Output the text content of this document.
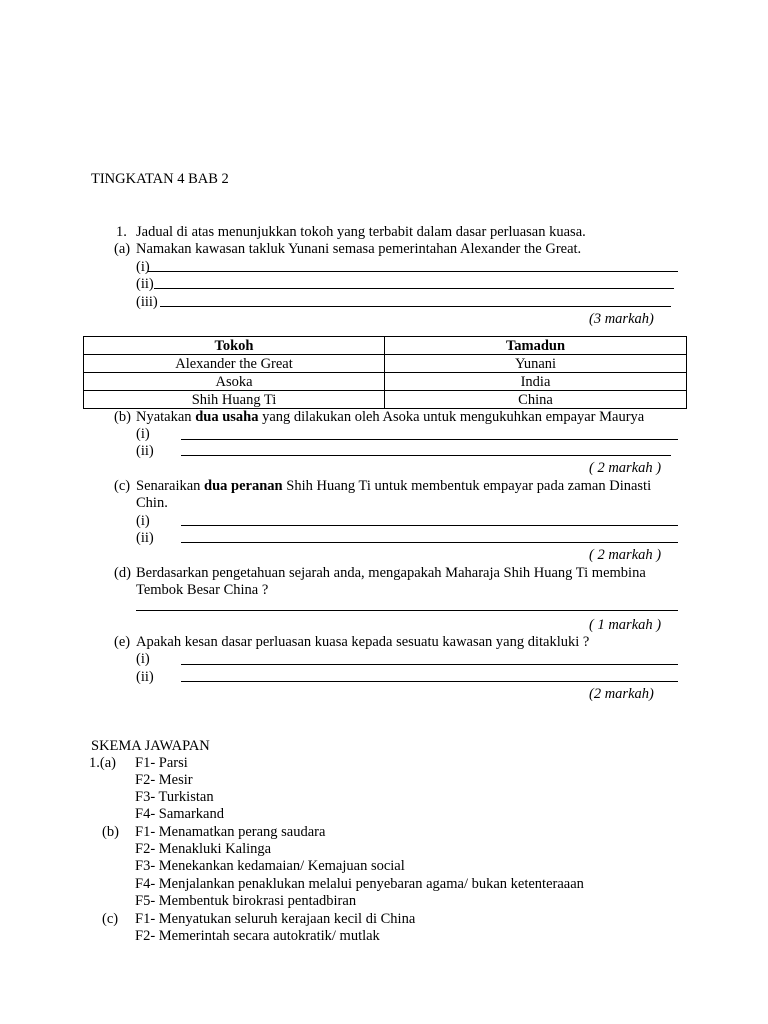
TINGKATAN 4 BAB 2
1. Jadual di atas menunjukkan tokoh yang terbabit dalam dasar perluasan kuasa.
(a) Namakan kawasan takluk Yunani semasa pemerintahan Alexander the Great.
(i)
(ii)
(iii)
(3 markah)
Tokoh	Tamadun
Alexander the Great	Yunani
Asoka	India
Shih Huang Ti	China
(b) Nyatakan dua usaha yang dilakukan oleh Asoka untuk mengukuhkan empayar Maurya
(i)
(ii)
( 2 markah )
(c) Senaraikan dua peranan Shih Huang Ti untuk membentuk empayar pada zaman Dinasti
Chin.
(i)
(ii)
( 2 markah )
(d) Berdasarkan pengetahuan sejarah anda, mengapakah Maharaja Shih Huang Ti membina
Tembok Besar China ?
( 1 markah )
(e) Apakah kesan dasar perluasan kuasa kepada sesuatu kawasan yang ditakluki ?
(i)
(ii)
(2 markah)
SKEMA JAWAPAN
1.(a) F1- Parsi
F2- Mesir
F3- Turkistan
F4- Samarkand
(b) F1- Menamatkan perang saudara
F2- Menakluki Kalinga
F3- Menekankan kedamaian/ Kemajuan social
F4- Menjalankan penaklukan melalui penyebaran agama/ bukan ketenteraaan
F5- Membentuk birokrasi pentadbiran
(c) F1- Menyatukan seluruh kerajaan kecil di China
F2- Memerintah secara autokratik/ mutlak
